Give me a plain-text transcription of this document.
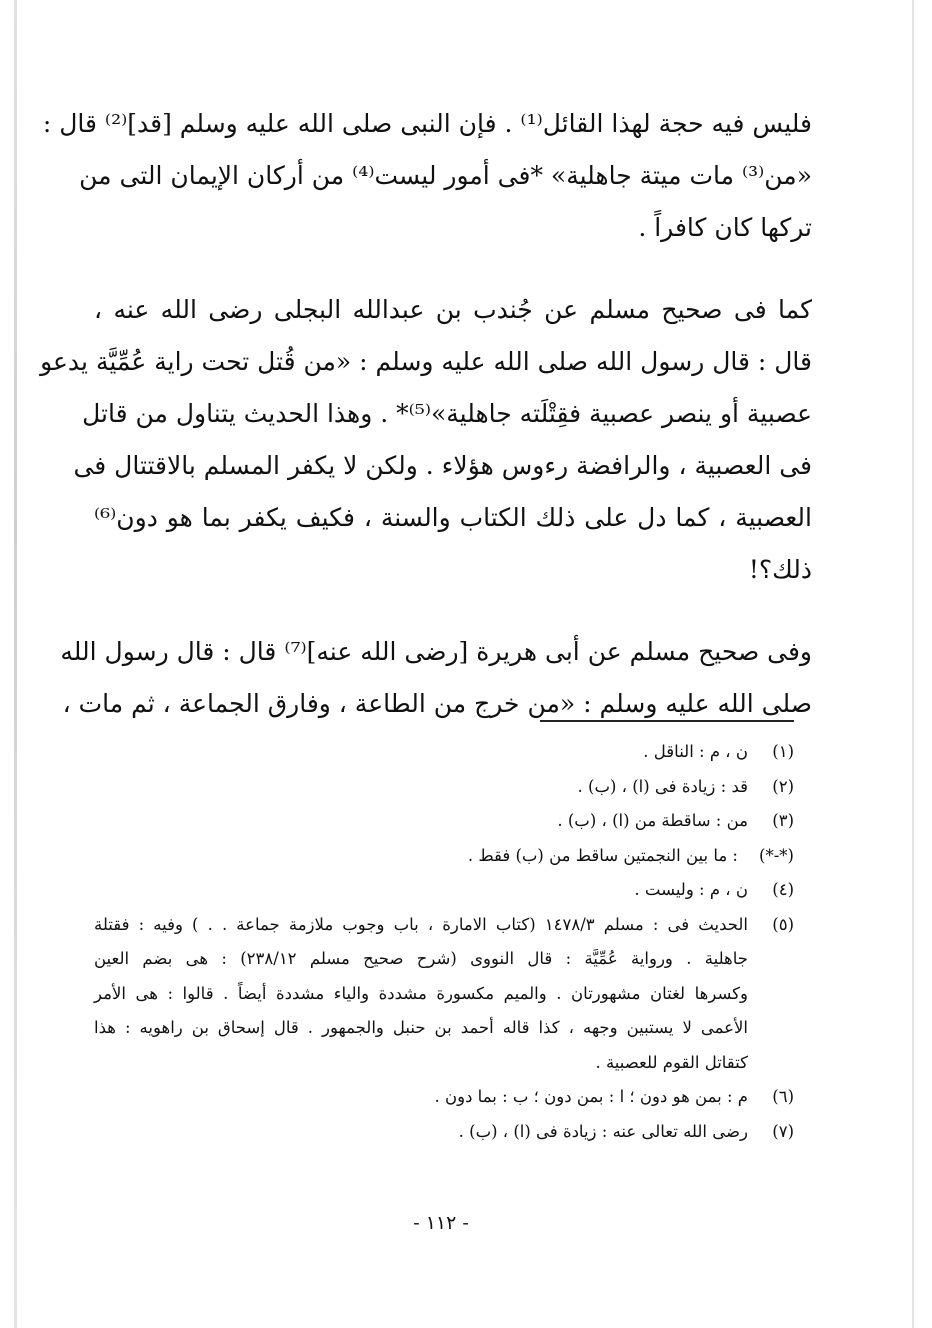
فليس فيه حجة لهذا القائل⁽¹⁾ . فإن النبى صلى الله عليه وسلم [قد]⁽²⁾ قال :
«من⁽³⁾ مات ميتة جاهلية» *فى أمور ليست⁽⁴⁾ من أركان الإيمان التى من
تركها كان كافراً .
كما فى صحيح مسلم عن جُندب بن عبدالله البجلى رضى الله عنه ،
قال : قال رسول الله صلى الله عليه وسلم : «من قُتل تحت راية عُمِّيَّة يدعو
عصبية أو ينصر عصبية فقِتْلَته جاهلية»⁽⁵⁾* . وهذا الحديث يتناول من قاتل
فى العصبية ، والرافضة رءوس هؤلاء . ولكن لا يكفر المسلم بالاقتتال فى
العصبية ، كما دل على ذلك الكتاب والسنة ، فكيف يكفر بما هو دون⁽⁶⁾
ذلك؟!
وفى صحيح مسلم عن أبى هريرة [رضى الله عنه]⁽⁷⁾ قال : قال رسول الله
صلى الله عليه وسلم : «من خرج من الطاعة ، وفارق الجماعة ، ثم مات ،
(١)
ن ، م : الناقل .
(٢)
قد : زيادة فى (ا) ، (ب) .
(٣)
من : ساقطة من (ا) ، (ب) .
(*-*)
: ما بين النجمتين ساقط من (ب) فقط .
(٤)
ن ، م : وليست .
(٥)
الحديث فى : مسلم ١٤٧٨/٣ (كتاب الامارة ، باب وجوب ملازمة جماعة . . ) وفيه : فقتلة
جاهلية . ورواية عُمِّيَّة : قال النووى (شرح صحيح مسلم ٢٣٨/١٢) : هى بضم العين
وكسرها لغتان مشهورتان . والميم مكسورة مشددة والياء مشددة أيضاً . قالوا : هى الأمر
الأعمى لا يستبين وجهه ، كذا قاله أحمد بن حنبل والجمهور . قال إسحاق بن راهويه : هذا
كتقاتل القوم للعصبية .
(٦)
م : بمن هو دون ؛ ا : بمن دون ؛ ب : بما دون .
(٧)
رضى الله تعالى عنه : زيادة فى (ا) ، (ب) .
- ١١٢ -
